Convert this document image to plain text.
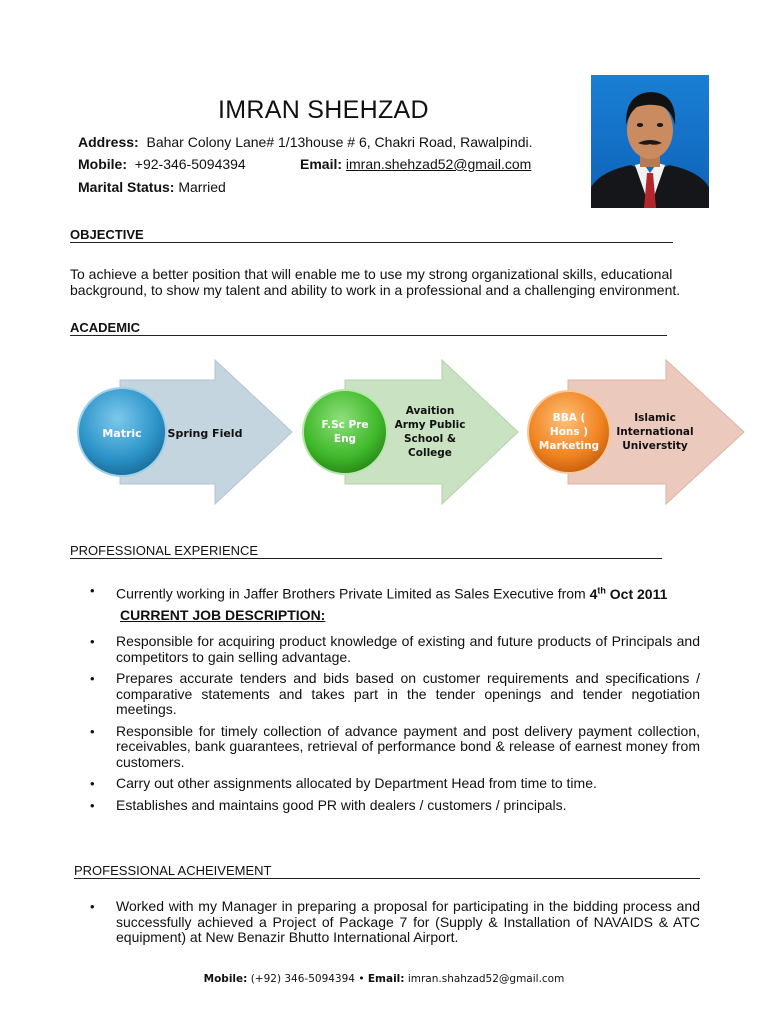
IMRAN SHEHZAD
Address: Bahar Colony Lane# 1/13house # 6, Chakri Road, Rawalpindi.
Mobile: +92-346-5094394	Email: imran.shehzad52@gmail.com
Marital Status: Married
OBJECTIVE
To achieve a better position that will enable me to use my strong organizational skills, educational background, to show my talent and ability to work in a professional and a challenging environment.
ACADEMIC
Matric Spring Field
F.Sc Pre
Eng
Avaition
Army Public
School &
College
BBA (
Hons )
Marketing
Islamic
International
Universtity
PROFESSIONAL EXPERIENCE
• Currently working in Jaffer Brothers Private Limited as Sales Executive from 4th Oct 2011
CURRENT JOB DESCRIPTION:
• Responsible for acquiring product knowledge of existing and future products of Principals and competitors to gain selling advantage.
• Prepares accurate tenders and bids based on customer requirements and specifications / comparative statements and takes part in the tender openings and tender negotiation meetings.
• Responsible for timely collection of advance payment and post delivery payment collection, receivables, bank guarantees, retrieval of performance bond & release of earnest money from customers.
• Carry out other assignments allocated by Department Head from time to time.
• Establishes and maintains good PR with dealers / customers / principals.
PROFESSIONAL ACHEIVEMENT
• Worked with my Manager in preparing a proposal for participating in the bidding process and successfully achieved a Project of Package 7 for (Supply & Installation of NAVAIDS & ATC equipment) at New Benazir Bhutto International Airport.
Mobile: (+92) 346-5094394 • Email: imran.shahzad52@gmail.com
